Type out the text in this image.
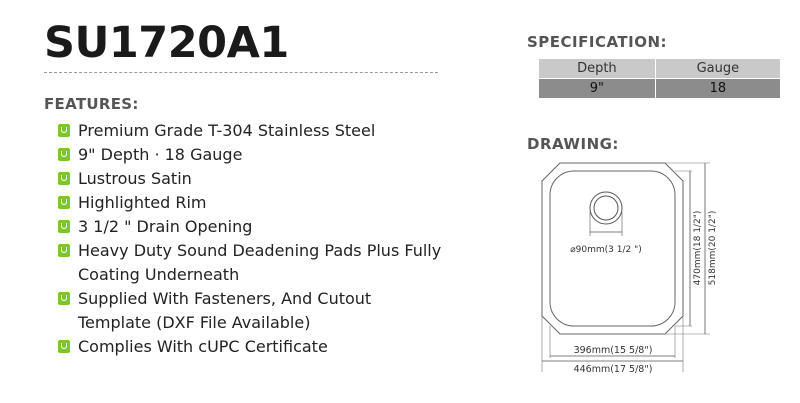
SU1720A1
FEATURES:
Premium Grade T-304 Stainless Steel
9" Depth · 18 Gauge
Lustrous Satin
Highlighted Rim
3 1/2 " Drain Opening
Heavy Duty Sound Deadening Pads Plus Fully Coating Underneath
Supplied With Fasteners, And Cutout Template (DXF File Available)
Complies With cUPC Certificate
SPECIFICATION:
Depth	Gauge
9"	18
DRAWING:
⌀90mm(3 1/2 ")
396mm(15 5/8")
446mm(17 5/8")
470mm(18 1/2") 518mm(20 1/2")
